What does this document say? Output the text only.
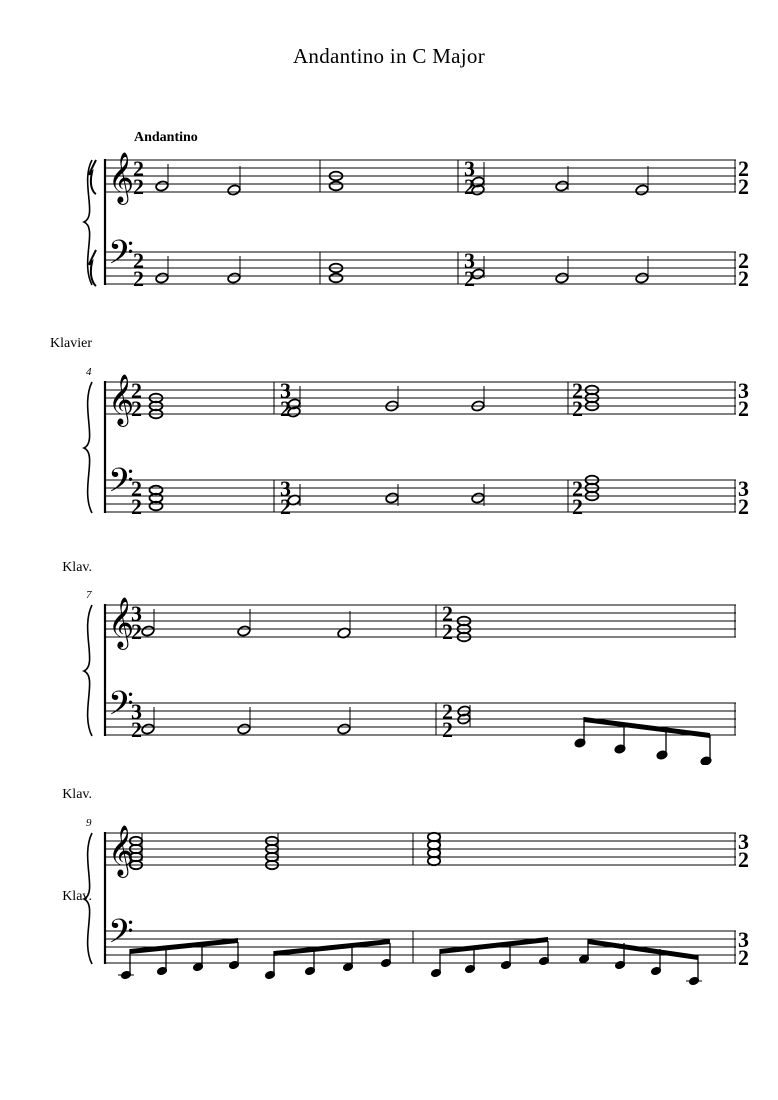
Andantino in C Major
Andantino
Klavier
𝄞
𝄢
2
2
2
2
3
2
3
2
2
2
2
2
4
Klav.
𝄞
𝄢
2
2
2
2
3
2
3
2
2
2
2
2
3
2
3
2
7
Klav.
𝄞
𝄢
3
2
3
2
2
2
2
2
9
Klav.
𝄞
𝄢
3
2
3
2
